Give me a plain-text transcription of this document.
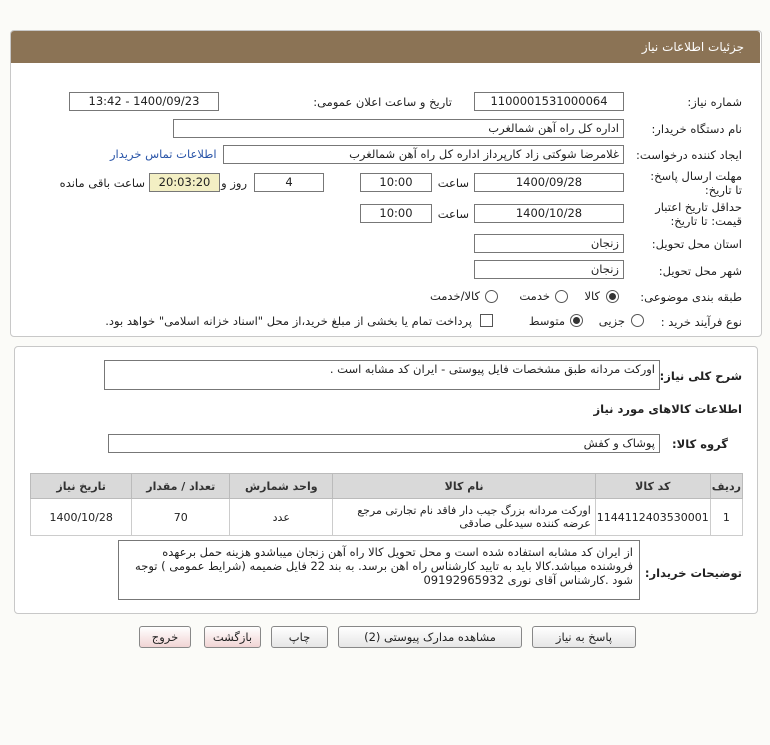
جزئیات اطلاعات نیاز
شماره نیاز:
1100001531000064
تاریخ و ساعت اعلان عمومی:
1400/09/23 - 13:42
نام دستگاه خریدار:
اداره کل راه آهن شمالغرب
ایجاد کننده درخواست:
غلامرضا شوکتی زاد کارپرداز اداره کل راه آهن شمالغرب
اطلاعات تماس خریدار
مهلت ارسال پاسخ: تا تاریخ:
1400/09/28
ساعت
10:00
4
روز و
20:03:20
ساعت باقی مانده
حداقل تاریخ اعتبار قیمت: تا تاریخ:
1400/10/28
ساعت
10:00
استان محل تحویل:
زنجان
شهر محل تحویل:
زنجان
طبقه بندی موضوعی:
کالا
خدمت
کالا/خدمت
نوع فرآیند خرید :
جزیی
متوسط
پرداخت تمام یا بخشی از مبلغ خرید،از محل "اسناد خزانه اسلامی" خواهد بود.
شرح کلی نیاز:
اورکت مردانه طبق مشخصات فایل پیوستی - ایران کد مشابه است .
اطلاعات کالاهای مورد نیاز
گروه کالا:
پوشاک و کفش
ردیف	کد کالا	نام کالا	واحد شمارش	تعداد / مقدار	تاریخ نیاز
1	1144112403530001	اورکت مردانه بزرگ جیب دار فاقد نام تجارتی مرجع عرضه کننده سیدعلی صادقی	عدد	70	1400/10/28
توضیحات خریدار:
از ایران کد مشابه استفاده شده است و محل تحویل کالا راه آهن زنجان میباشدو هزینه حمل برعهده فروشنده میباشد.کالا باید به تایید کارشناس راه اهن برسد. به بند 22 فایل ضمیمه (شرایط عمومی ) توجه شود .کارشناس آقای نوری 09192965932
پاسخ به نیاز
مشاهده مدارک پیوستی (2)
چاپ
بازگشت
خروج
